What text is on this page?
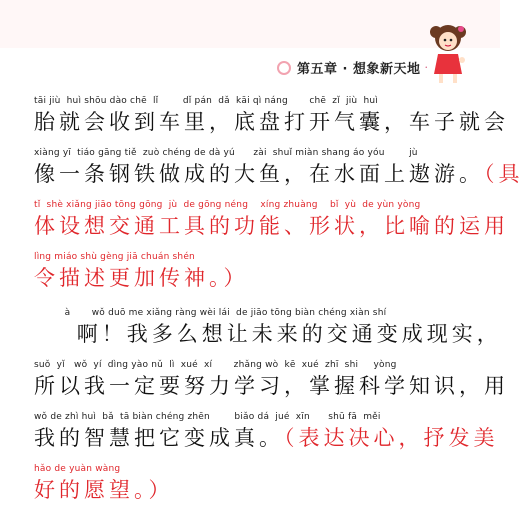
第五章 · 想象新天地 ·
tāi jiù  huì shōu dào chē  lǐ        dǐ pán  dǎ  kāi qì náng       chē  zǐ  jiù  huì
胎就会收到车里，底盘打开气囊，车子就会
xiàng yī  tiáo gāng tiě  zuò chéng de dà yú      zài  shuǐ miàn shang áo yóu        jù
像一条钢铁做成的大鱼，在水面上遨游。（具
tǐ  shè xiǎng jiāo tōng gōng  jù  de gōng néng    xíng zhuàng    bǐ  yù  de yùn yòng
体设想交通工具的功能、形状，比喻的运用
lìng miáo shù gèng jiā chuán shén
令描述更加传神。）
à       wǒ duō me xiǎng ràng wèi lái  de jiāo tōng biàn chéng xiàn shí
啊！我多么想让未来的交通变成现实，
suǒ  yǐ   wǒ  yí  dìng yào nǔ  lì  xué  xí       zhǎng wò  kē  xué  zhī  shi     yòng
所以我一定要努力学习，掌握科学知识，用
wǒ de zhì huì  bǎ  tā biàn chéng zhēn        biǎo dá  jué  xīn      shū fā  měi
我的智慧把它变成真。（表达决心，抒发美
hǎo de yuàn wàng
好的愿望。）
